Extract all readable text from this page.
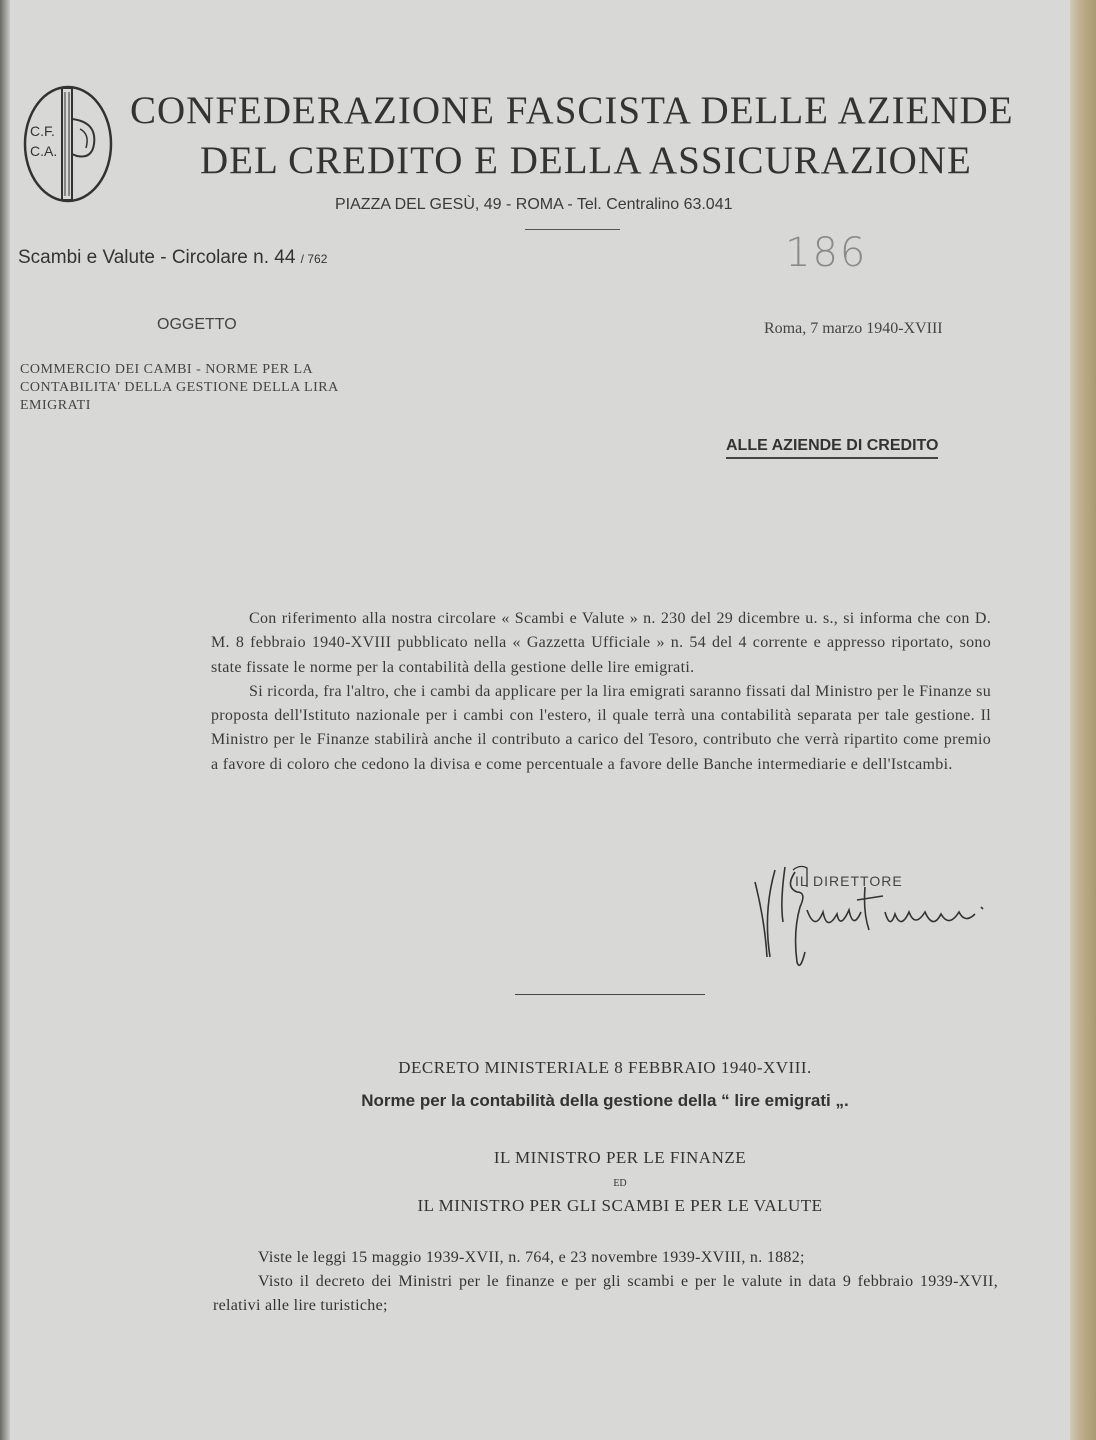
C.F.
C.A.
CONFEDERAZIONE FASCISTA DELLE AZIENDE
DEL CREDITO E DELLA ASSICURAZIONE
PIAZZA DEL GESÙ, 49 - ROMA - Tel. Centralino 63.041
Scambi e Valute - Circolare n. 44 / 762	186
OGGETTO
COMMERCIO DEI CAMBI - NORME PER LA CONTABILITA' DELLA GESTIONE DELLA LIRA EMIGRATI
Roma, 7 marzo 1940-XVIII
ALLE AZIENDE DI CREDITO

Con riferimento alla nostra circolare « Scambi e Valute » n. 230 del 29 dicembre u. s., si informa che con D. M. 8 febbraio 1940-XVIII pubblicato nella « Gazzetta Ufficiale » n. 54 del 4 corrente e appresso riportato, sono state fissate le norme per la contabilità della gestione delle lire emigrati.

Si ricorda, fra l'altro, che i cambi da applicare per la lira emigrati saranno fissati dal Ministro per le Finanze su proposta dell'Istituto nazionale per i cambi con l'estero, il quale terrà una contabilità separata per tale gestione. Il Ministro per le Finanze stabilirà anche il contributo a carico del Tesoro, contributo che verrà ripartito come premio a favore di coloro che cedono la divisa e come percentuale a favore delle Banche intermediarie e dell'Istcambi.

IL DIRETTORE
DECRETO MINISTERIALE 8 FEBBRAIO 1940-XVIII.
Norme per la contabilità della gestione della “ lire emigrati „.
IL MINISTRO PER LE FINANZE
ED
IL MINISTRO PER GLI SCAMBI E PER LE VALUTE

Viste le leggi 15 maggio 1939-XVII, n. 764, e 23 novembre 1939-XVIII, n. 1882;

Visto il decreto dei Ministri per le finanze e per gli scambi e per le valute in data 9 febbraio 1939-XVII, relativi alle lire turistiche;
